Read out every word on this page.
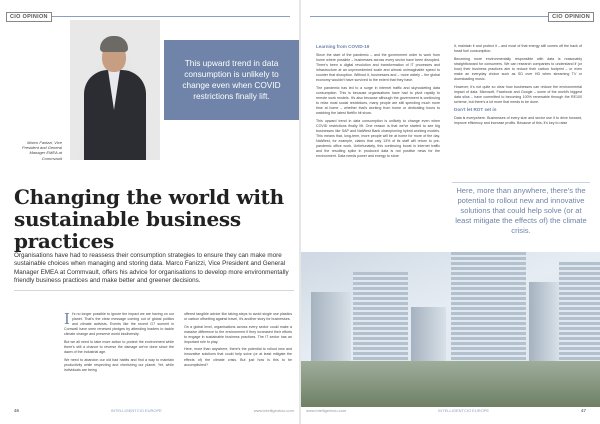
CIO OPINION
Marco Fanizzi, Vice President and General Manager EMEA at Commvault
This upward trend in data consumption is unlikely to change even when COVID restrictions finally lift.
Changing the world with sustainable business practices
Organisations have had to reassess their consumption strategies to ensure they can make more sustainable choices when managing and storing data. Marco Fanizzi, Vice President and General Manager EMEA at Commvault, offers his advice for organisations to develop more environmentally friendly business practices and make better and greener decisions.

It's no longer possible to ignore the impact we are having on our planet. That's the clear message coming out of global politics and climate activists. Events like the recent G7 summit in Cornwall have seen renewed pledges by attending leaders to tackle climate change and preserve world biodiversity.

But we all need to take more action to protect the environment while there's still a chance to reverse the damage we've done since the dawn of the Industrial age.

We need to abandon our old bad habits and find a way to maintain productivity while respecting and cherishing our planet. Yet, while individuals are being

offered tangible advice like taking steps to avoid single use plastics or carbon offsetting against travel, it's another story for businesses.

On a global level, organisations across every sector could make a massive difference to the environment if they increased their efforts to engage in sustainable business practices. The IT sector has an important role to play.

Here, more than anywhere, there's the potential to rollout new and innovative solutions that could help solve (or at least mitigate the effects of) the climate crisis. But just how is this to be accomplished?

46	INTELLIGENTCIO EUROPE	www.intelligentcio.com
CIO OPINION
Learning from COVID-19

Since the start of the pandemic – and the government order to work from home where possible – businesses across every sector have been disrupted. There's been a digital revolution and transformation of IT processes and infrastructure at an unprecedented scale and almost unimaginable speed to counter that disruption. Without it, businesses and – more widely – the global economy wouldn't have survived to the extent that they have.

The pandemic has led to a surge in internet traffic and skyrocketing data consumption. This is because organisations have had to pivot rapidly to remote work models. It's also because although the government is continuing to relax most social restrictions, many people are still spending much more time at home – whether that's working from home or dedicating hours to watching the latest Netflix hit show.

This upward trend in data consumption is unlikely to change even when COVID restrictions finally lift. One reason is that we've started to see big businesses like SAP and NatWest Bank championing hybrid working models. This means that, long-term, more people will be at home for more of the day. NatWest, for example, claims that only 13% of its staff will return to pre-pandemic office work. Unfortunately, this continuing boost in internet traffic and the resulting spike in produced data is not positive news for the environment. Data needs power and energy to store

it, maintain it and protect it – and most of that energy still comes off the back of fossil fuel consumption.

Becoming more environmentally responsible with data is reasonably straightforward for consumers. We can research companies to understand if (or how) their business practices aim to reduce their carbon footprint – or even make an everyday choice such as SD over HD when streaming TV or downloading music.

However, it's not quite so clear how businesses can reduce the environmental impact of data. Microsoft, Facebook and Google – some of the world's biggest data silos – have committed to becoming 100% renewable through the RE100 scheme, but there's a lot more that needs to be done.

Don't let ROT set in

Data is everywhere. Businesses of every size and sector use it to drive forward, improve efficiency and increase profits. Because of this, it's key to raise

Here, more than anywhere, there's the potential to rollout new and innovative solutions that could help solve (or at least mitigate the effects of) the climate crisis.
www.intelligentcio.com	INTELLIGENTCIO EUROPE	47
